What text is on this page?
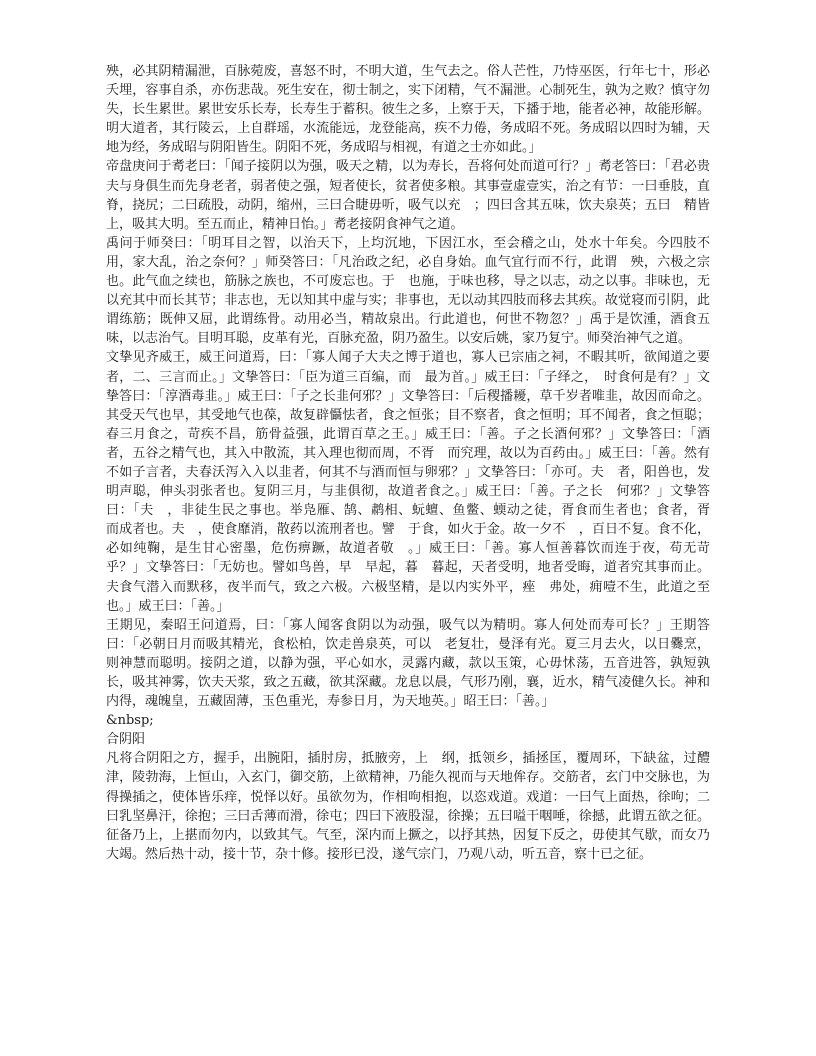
殃，必其阴精漏泄，百脉菀废，喜怒不时，不明大道，生气去之。俗人芒性，乃恃巫医，行年七十，形必夭埋，容事自杀，亦伤悲哉。死生安在，彻士制之，实下闭精，气不漏泄。心制死生，孰为之败？慎守勿失，长生累世。累世安乐长寿，长寿生于蓄积。彼生之多，上察于天，下播于地，能者必神，故能形解。明大道者，其行陵云，上自群瑶，水流能远，龙登能高，疾不力倦，务成昭不死。务成昭以四时为辅，天地为经，务成昭与阴阳皆生。阴阳不死，务成昭与相视，有道之士亦如此。」

帝盘庚问于耉老曰：「闻子接阴以为强，吸天之精，以为寿长，吾将何处而道可行？」耉老答曰：「君必贵夫与身俱生而先身老者，弱者使之强，短者使长，贫者使多粮。其事壹虚壹实，治之有节：一曰垂肢，直脊，挠尻；二曰疏股，动阴，缩州，三曰合睫毋听，吸气以充　；四曰含其五味，饮夫泉英；五曰　精皆上，吸其大明。至五而止，精神日怡。」耉老接阴食神气之道。

禹问于师癸曰：「明耳目之智，以治天下，上均沉地，下因江水，至会稽之山，处水十年矣。今四肢不用，家大乱，治之奈何？」师癸答曰：「凡治政之纪，必自身始。血气宜行而不行，此谓　殃，六极之宗也。此气血之续也，筋脉之族也，不可废忘也。于　也施，于味也移，导之以志，动之以事。非味也，无以充其中而长其节；非志也，无以知其中虚与实；非事也，无以动其四肢而移去其疾。故觉寝而引阴，此谓练筋；既伸又屈，此谓练骨。动用必当，精故泉出。行此道也，何世不物忽？」禹于是饮湩，酒食五味，以志治气。目明耳聪，皮革有光，百脉充盈，阴乃盈生。以安后姚，家乃复宁。师癸治神气之道。

文挚见齐威王，威王问道焉，曰：「寡人闻子大夫之博于道也，寡人已宗庙之祠，不暇其听，欲闻道之要者，二、三言而止。」文挚答曰：「臣为道三百编，而　最为首。」威王曰：「子绎之，　时食何是有？」文挚答曰：「淳酒毒韭。」威王曰：「子之长韭何邪？」文挚答曰：「后稷播耰，草千岁者唯韭，故因而命之。其受天气也早，其受地气也葆，故复辟懾怯者，食之恒张；目不察者，食之恒明；耳不闻者，食之恒聪；春三月食之，苛疾不昌，筋骨益强，此谓百草之王。」威王曰：「善。子之长酒何邪？」文挚答曰：「酒者，五谷之精气也，其入中散流，其入理也彻而周，不胥　而究理，故以为百药由。」威王曰：「善。然有不如子言者，夫春沃泻入入以韭者，何其不与酒而恒与卵邪？」文挚答曰：「亦可。夫　者，阳兽也，发明声聪，伸头羽张者也。复阴三月，与韭俱彻，故道者食之。」威王曰：「善。子之长　何邪？」文挚答曰：「夫　，非徒生民之事也。举凫雁、鹄、鹔相、蚖蟺、鱼鳖、蝡动之徒，胥食而生者也；食者，胥　而成者也。夫　，使食靡消，散药以流刑者也。譬　于食，如火于金。故一夕不　，百日不复。食不化，必如纯鞠，是生甘心密墨，危伤痹蹶，故道者敬　。」威王曰：「善。寡人恒善暮饮而连于夜，苟无苛乎？」文挚答曰：「无妨也。譬如鸟兽，早　早起，暮　暮起，天者受明，地者受晦，道者究其事而止。夫食气潜入而默移，夜半而气，致之六极。六极坚精，是以内实外平，痤　弗处，痈噎不生，此道之至也。」威王曰：「善。」

王期见，秦昭王问道焉，曰：「寡人闻客食阴以为动强，吸气以为精明。寡人何处而寿可长？」王期答曰：「必朝日月而吸其精光，食松柏，饮走兽泉英，可以　老复壮，曼泽有光。夏三月去火，以日爨烹，则神慧而聪明。接阴之道，以静为强，平心如水，灵露内藏，款以玉策，心毋怵荡，五音进答，孰短孰长，吸其神雾，饮夫天浆，致之五藏，欲其深藏。龙息以晨，气形乃刚，襄，近水，精气凌健久长。神和内得，魂魄皇，五藏固薄，玉色重光，寿参日月，为天地英。」昭王曰：「善。」

&nbsp;

合阴阳

凡将合阴阳之方，握手，出腕阳，插肘房，抵腋旁，上　纲，抵领乡，插拯匡，覆周环，下缺盆，过醴津，陵勃海，上恒山，入玄门，御交筋，上欲精神，乃能久视而与天地侔存。交筋者，玄门中交脉也，为得操插之，使体皆乐痒，悦怿以好。虽欲勿为，作相呴相抱，以恣戏道。戏道：一曰气上面热，徐呴；二曰乳坚鼻汗，徐抱；三曰舌薄而滑，徐屯；四曰下液股湿，徐操；五曰嗌干咽唾，徐撼，此谓五欲之征。征备乃上，上揕而勿内，以致其气。气至，深内而上撅之，以抒其热，因复下反之，毋使其气歇，而女乃大竭。然后热十动，接十节，杂十修。接形已没，遂气宗门，乃观八动，听五音，察十已之征。
